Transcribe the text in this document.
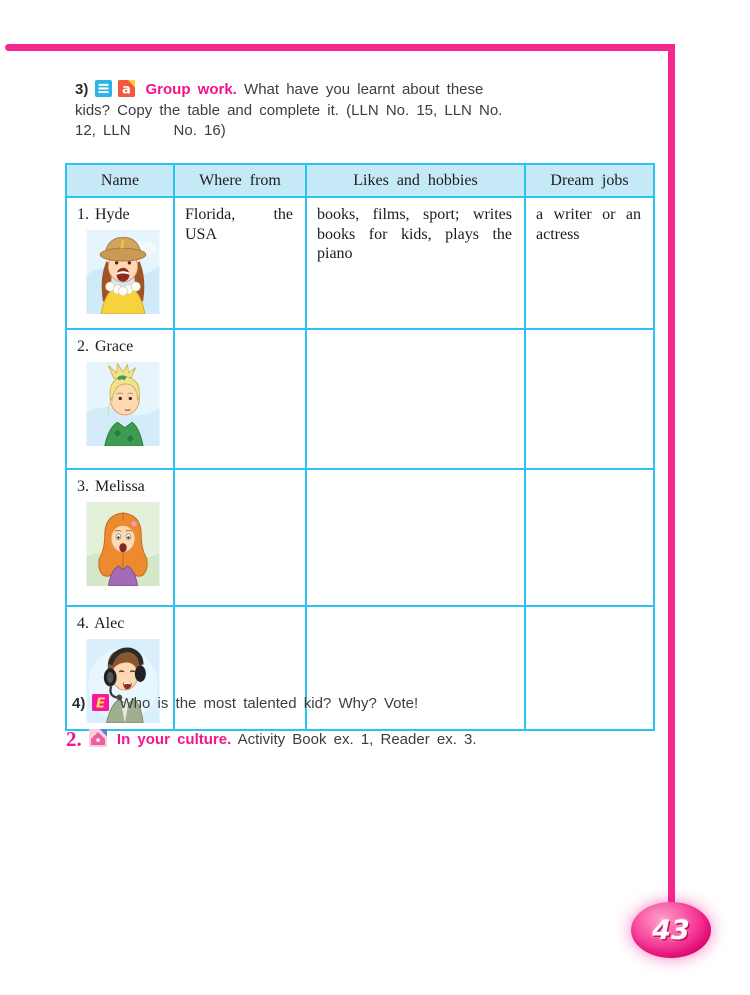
3)	a Group work. What have you learnt about these
kids? Copy the table and complete it. (LLN No. 15, LLN No.
12, LLN      No. 16)
Name	Where from	Likes and hobbies	Dream jobs

1. Hyde	Florida, the USA	books, films, sport; writes books for kids, plays the piano	a writer or an actress

2. Grace			

3. Melissa			

4. Alec			

4) E Who is the most talented kid? Why? Vote!
2. In your culture. Activity Book ex. 1, Reader ex. 3.
43
